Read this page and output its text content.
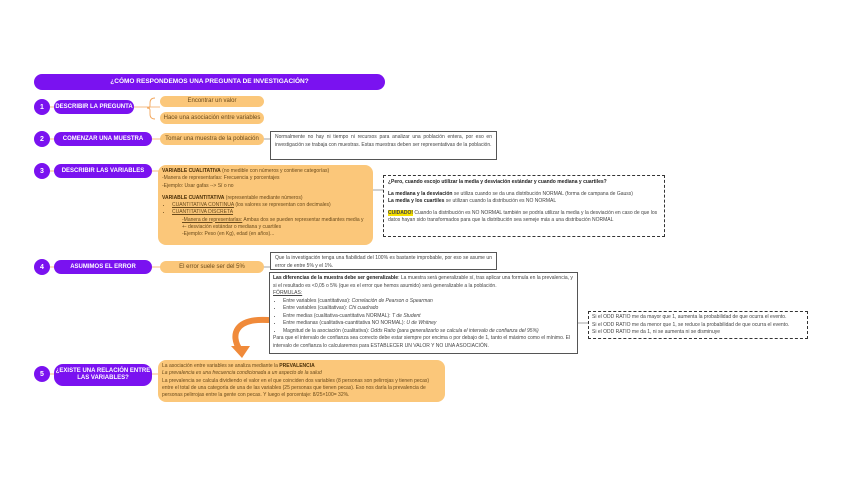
¿CÓMO RESPONDEMOS UNA PREGUNTA DE INVESTIGACIÓN?
1	DESCRIBIR LA PREGUNTA
2	COMENZAR UNA MUESTRA
3	DESCRIBIR LAS VARIABLES
4	ASUMIMOS EL ERROR
5	¿EXISTE UNA RELACIÓN ENTRE LAS VARIABLES?
Encontrar un valor
Hace una asociación entre variables
Tomar una muestra de la población	Normalmente no hay ni tiempo ni recursos para analizar una población entera, por eso en investigación se trabaja con muestras. Estas muestras deben ser representativas de la población.
VARIABLE CUALITATIVA (no medible con números y contiene categorías)
-Manera de representarlas: Frecuencia y porcentajes
-Ejemplo: Usar gafas --> Sí o no
VARIABLE CUANTITATIVA (representable mediante números)
• CUANTITATIVA CONTINUA (los valores se representan con decimales)
• CUANTITATIVA DISCRETA
-Manera de representarlas: Ambas dos se pueden representar mediantes media y +- desviación estándar o mediana y cuartiles
-Ejemplo: Peso (en Kg), edad (en años)...
¿Pero, cuando escojo utilizar la media y desviación estándar y cuando mediana y cuartiles?
La mediana y la desviación se utiliza cuando se da una distribución NORMAL (forma de campana de Gauss)
La media y los cuartiles se utilizan cuando la distribución es NO NORMAL
CUIDADO! Cuando la distribución es NO NORMAL también se podría utilizar la media y la desviación en caso de que los datos hayan sido transformados para que la distribución sea semeje más a una distribución NORMAL
El error suele ser del 5%
Que la investigación tenga una fiabilidad del 100% es bastante improbable, por eso se asume un error de entre 5% y el 1%.
Las diferencias de la muestra debe ser generalizable: La muestra será generalizable sí, tras aplicar una formula en la prevalencia, y si el resultado es <0,05 o 5% (que es el error que hemos asumido) será generalizable a la población.
FÓRMULAS:
• Entre variables (cuantitativas): Correlación de Pearson o Spearman
• Entre variables (cualitativas): Chi cuadrado
• Entre medias (cualitativa-cuantitativa NORMAL): T de Student
• Entre medianas (cualitativa-cuantitativa NO NORMAL): U de Whitney
• Magnitud de la asociación (cualitativa): Odds Ratio (para generalizarlo se calcula el intervalo de confianza del 95%)
Para que el intervalo de confianza sea correcto debe estar siempre por encima o por debajo de 1, tanto el máximo como el mínimo. El intervalo de confianza lo calcularemos para ESTABLECER UN VALOR Y NO UNA ASOCIACIÓN.
Si el ODD RATIO me da mayor que 1, aumenta la probabilidad de que ocurra el evento.
Si el ODD RATIO me da menor que 1, se reduce la probabilidad de que ocurra el evento.
Si el ODD RATIO me da 1, ni se aumenta ni se disminuye
La asociación entre variables se analiza mediante la PREVALENCIA
La prevalencia es una frecuencia condicionada a un aspecto de la salud
La prevalencia se calcula dividiendo el valor en el que coinciden dos variables (8 personas son pelirrojas y tienen pecas) entre el total de una categoría de una de las variables (25 personas que tienen pecas). Eso nos daría la prevalencia de personas pelirrojas entre la gente con pecas. Y luego el porcentaje: 8/25×100= 32%.
